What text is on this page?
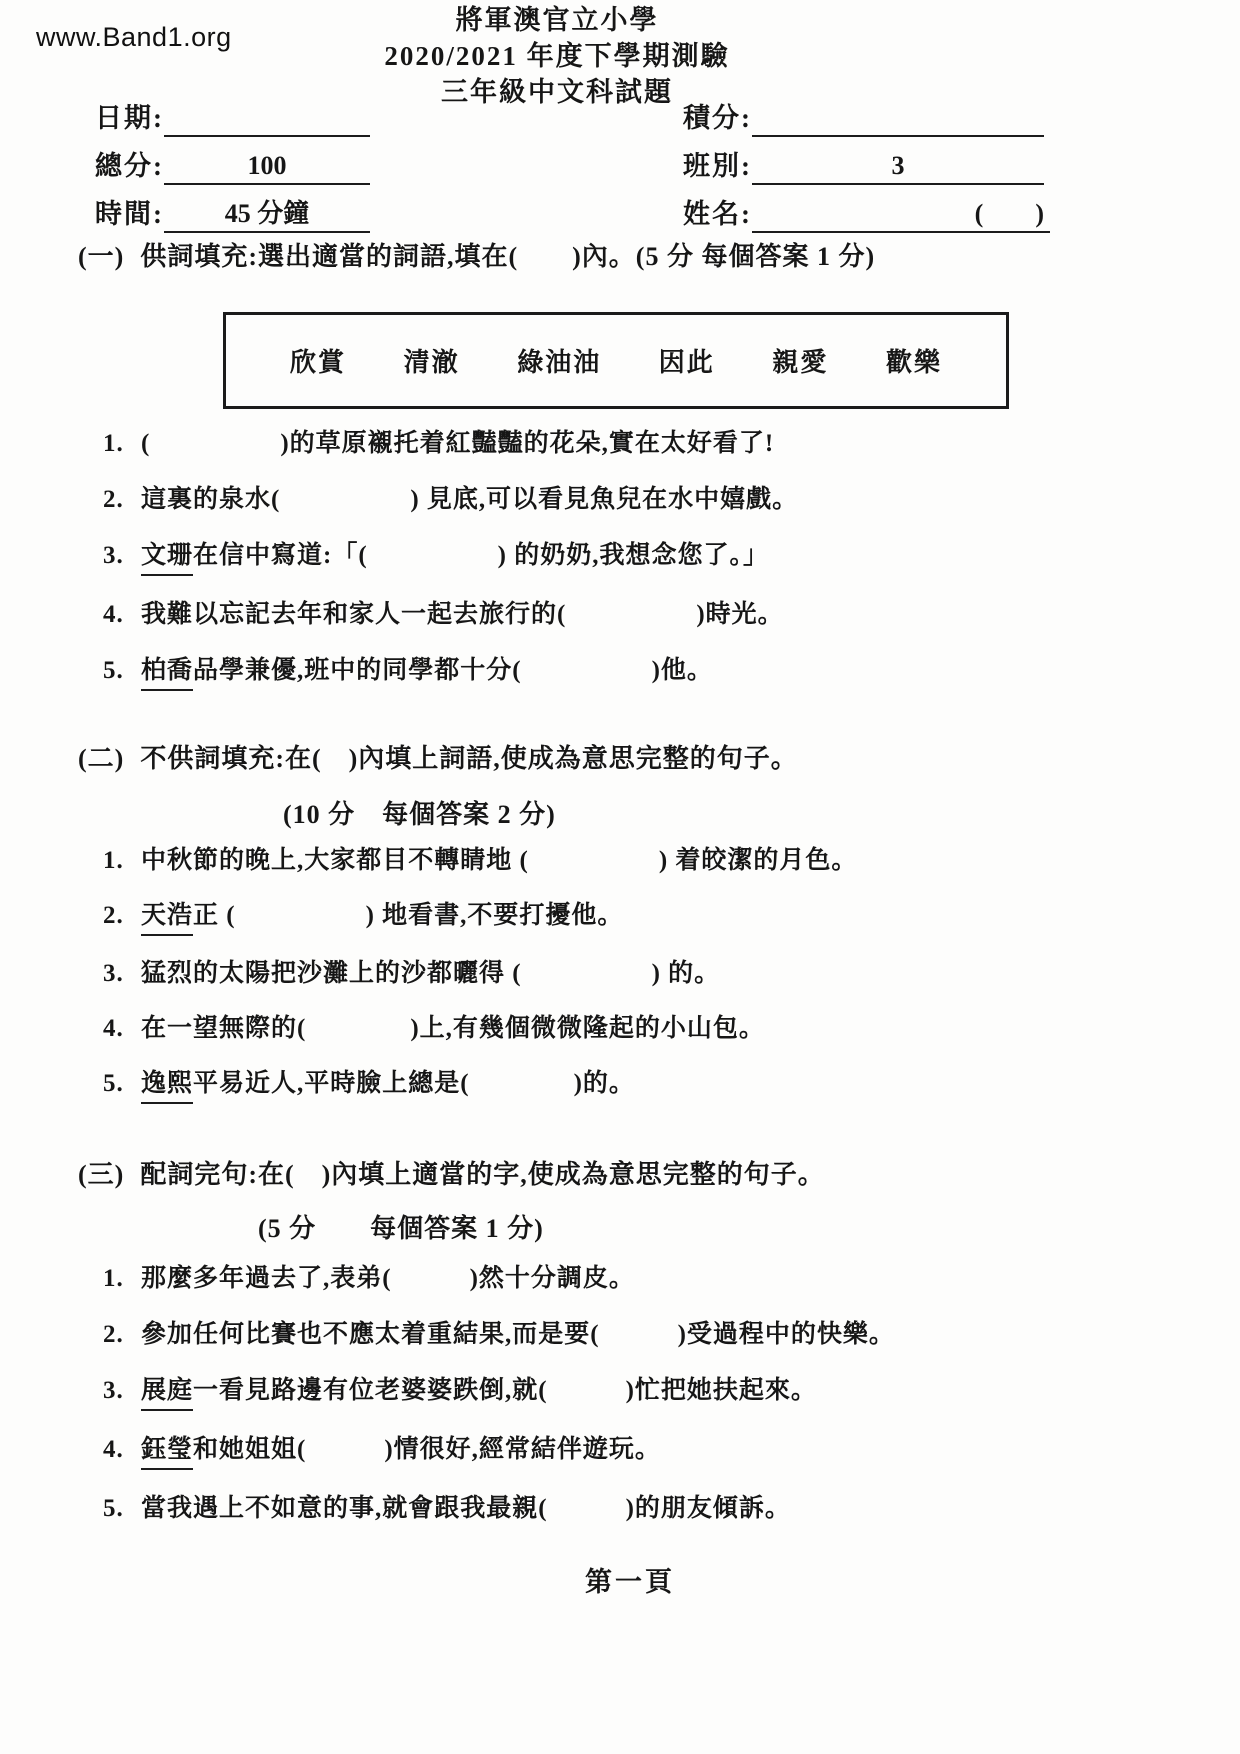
www.Band1.org
將軍澳官立小學
2020/2021 年度下學期測驗
三年級中文科試題
日期:	積分:
總分:	100	班別:	3
時間:	45 分鐘	姓名:	(　　)
(一) 供詞填充:選出適當的詞語,填在(　　)內。(5 分 每個答案 1 分)
欣賞 清澈 綠油油 因此 親愛 歡樂
1. (　　　　　)的草原襯托着紅豔豔的花朵,實在太好看了!
2. 這裏的泉水(　　　　　) 見底,可以看見魚兒在水中嬉戲。
3. 文珊 在信中寫道:「(　　　　　) 的奶奶,我想念您了。」
4. 我難以忘記去年和家人一起去旅行的(　　　　　)時光。
5. 柏喬 品學兼優,班中的同學都十分(　　　　　)他。
(二) 不供詞填充:在(　)內填上詞語,使成為意思完整的句子。
(10 分　每個答案 2 分)
1. 中秋節的晚上,大家都目不轉睛地 (　　　　　) 着皎潔的月色。
2. 天浩 正 (　　　　　) 地看書,不要打擾他。
3. 猛烈的太陽把沙灘上的沙都曬得 (　　　　　) 的。
4. 在一望無際的(　　　　)上,有幾個微微隆起的小山包。
5. 逸熙 平易近人,平時臉上總是(　　　　)的。
(三) 配詞完句:在(　)內填上適當的字,使成為意思完整的句子。
(5 分　　每個答案 1 分)
1. 那麼多年過去了,表弟(　　　)然十分調皮。
2. 參加任何比賽也不應太着重結果,而是要(　　　)受過程中的快樂。
3. 展庭 一看見路邊有位老婆婆跌倒,就(　　　)忙把她扶起來。
4. 鈺瑩 和她姐姐(　　　)情很好,經常結伴遊玩。
5. 當我遇上不如意的事,就會跟我最親(　　　)的朋友傾訴。
第一頁
